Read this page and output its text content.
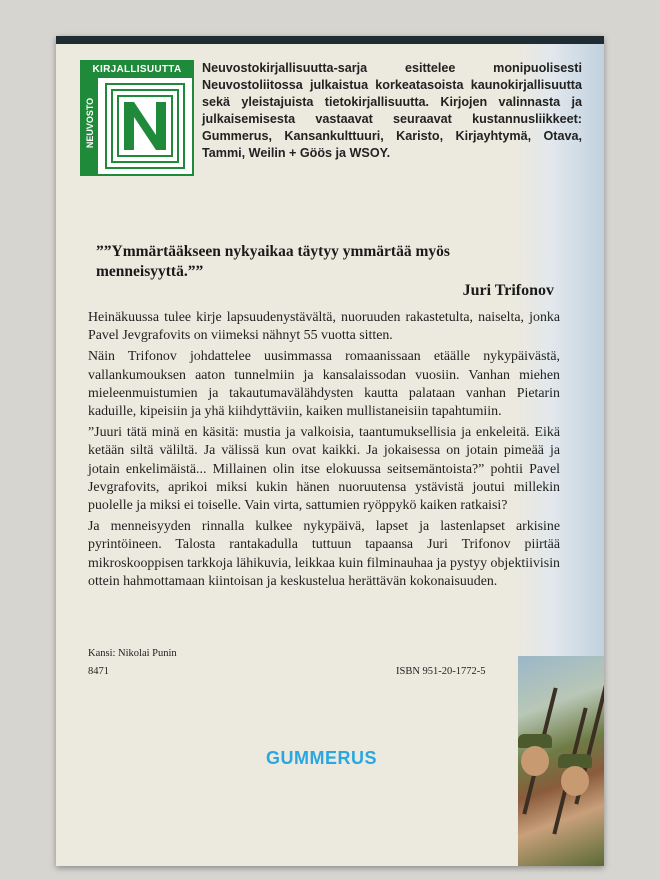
KIRJALLISUUTTA
NEUVOSTO
Neuvostokirjallisuutta-sarja esittelee monipuolisesti Neuvostoliitossa julkaistua korkeatasoista kaunokirjallisuutta sekä yleistajuista tietokirjallisuutta. Kirjojen valinnasta ja julkaisemisesta vastaavat seuraavat kustannusliikkeet: Gummerus, Kansankulttuuri, Karisto, Kirjayhtymä, Otava, Tammi, Weilin + Göös ja WSOY.
””Ymmärtääkseen nykyaikaa täytyy ymmärtää myös menneisyyttä.””
Juri Trifonov

Heinäkuussa tulee kirje lapsuudenystävältä, nuoruuden rakastetulta, naiselta, jonka Pavel Jevgrafovits on viimeksi nähnyt 55 vuotta sitten.

Näin Trifonov johdattelee uusimmassa romaanissaan etäälle nykypäivästä, vallankumouksen aaton tunnelmiin ja kansalaissodan vuosiin. Vanhan miehen mieleenmuistumien ja takautumavälähdysten kautta palataan vanhan Pietarin kaduille, kipeisiin ja yhä kiihdyttäviin, kaiken mullistaneisiin tapahtumiin.

”Juuri tätä minä en käsitä: mustia ja valkoisia, taantumuksellisia ja enkeleitä. Eikä ketään siltä väliltä. Ja välissä kun ovat kaikki. Ja jokaisessa on jotain pimeää ja jotain enkelimäistä... Millainen olin itse elokuussa seitsemäntoista?” pohtii Pavel Jevgrafovits, aprikoi miksi kukin hänen nuoruutensa ystävistä joutui millekin puolelle ja miksi ei toiselle. Vain virta, sattumien ryöppykö kaiken ratkaisi?

Ja menneisyyden rinnalla kulkee nykypäivä, lapset ja lastenlapset arkisine pyrintöineen. Talosta rantakadulla tuttuun tapaansa Juri Trifonov piirtää mikroskooppisen tarkkoja lähikuvia, leikkaa kuin filminauhaa ja pystyy objektiivisin ottein hahmottamaan kiintoisan ja keskustelua herättävän kokonaisuuden.

Kansi: Nikolai Punin
8471	ISBN 951-20-1772-5
GUMMERUS
